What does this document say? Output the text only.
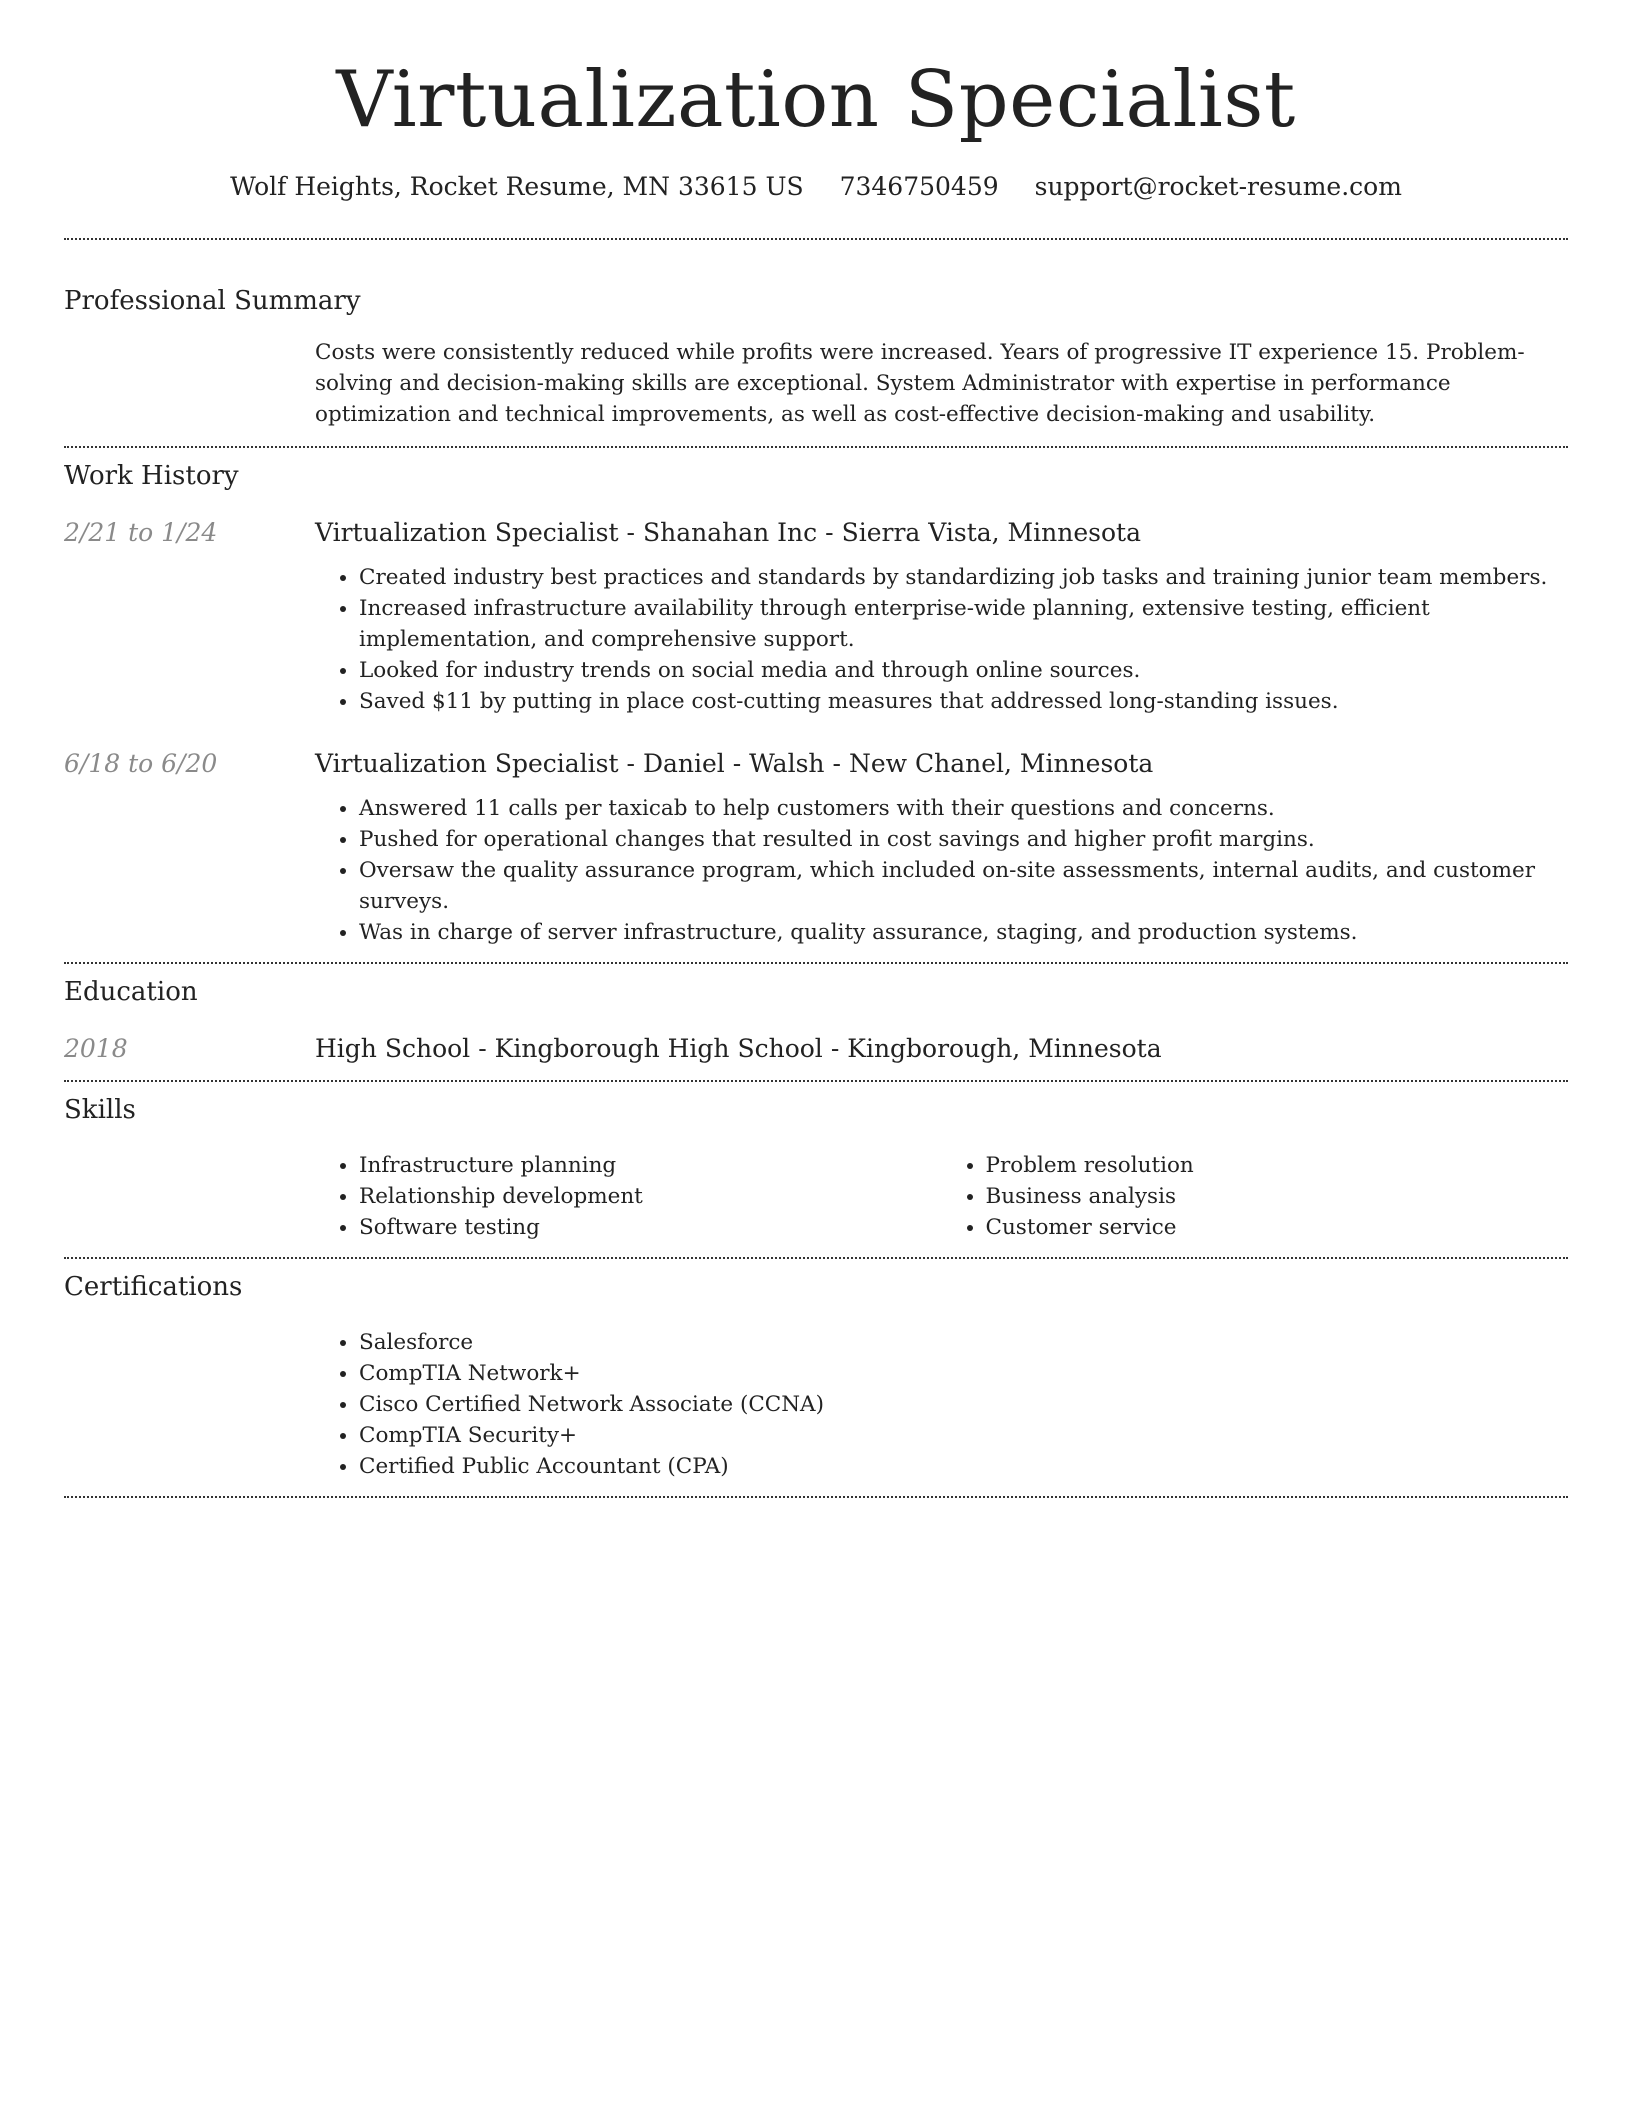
Virtualization Specialist
Wolf Heights, Rocket Resume, MN 33615 US 7346750459 support@rocket-resume.com
Professional Summary

Costs were consistently reduced while profits were increased. Years of progressive IT experience 15. Problem-solving and decision-making skills are exceptional. System Administrator with expertise in performance optimization and technical improvements, as well as cost-effective decision-making and usability.

Work History
2/21 to 1/24	Virtualization Specialist - Shanahan Inc - Sierra Vista, Minnesota
• Created industry best practices and standards by standardizing job tasks and training junior team members.
• Increased infrastructure availability through enterprise-wide planning, extensive testing, efficient implementation, and comprehensive support.
• Looked for industry trends on social media and through online sources.
• Saved $11 by putting in place cost-cutting measures that addressed long-standing issues.
6/18 to 6/20	Virtualization Specialist - Daniel - Walsh - New Chanel, Minnesota
• Answered 11 calls per taxicab to help customers with their questions and concerns.
• Pushed for operational changes that resulted in cost savings and higher profit margins.
• Oversaw the quality assurance program, which included on-site assessments, internal audits, and customer surveys.
• Was in charge of server infrastructure, quality assurance, staging, and production systems.
Education
2018	High School - Kingborough High School - Kingborough, Minnesota
Skills
• Infrastructure planning
• Relationship development
• Software testing
• Problem resolution
• Business analysis
• Customer service
Certifications
• Salesforce
• CompTIA Network+
• Cisco Certified Network Associate (CCNA)
• CompTIA Security+
• Certified Public Accountant (CPA)
